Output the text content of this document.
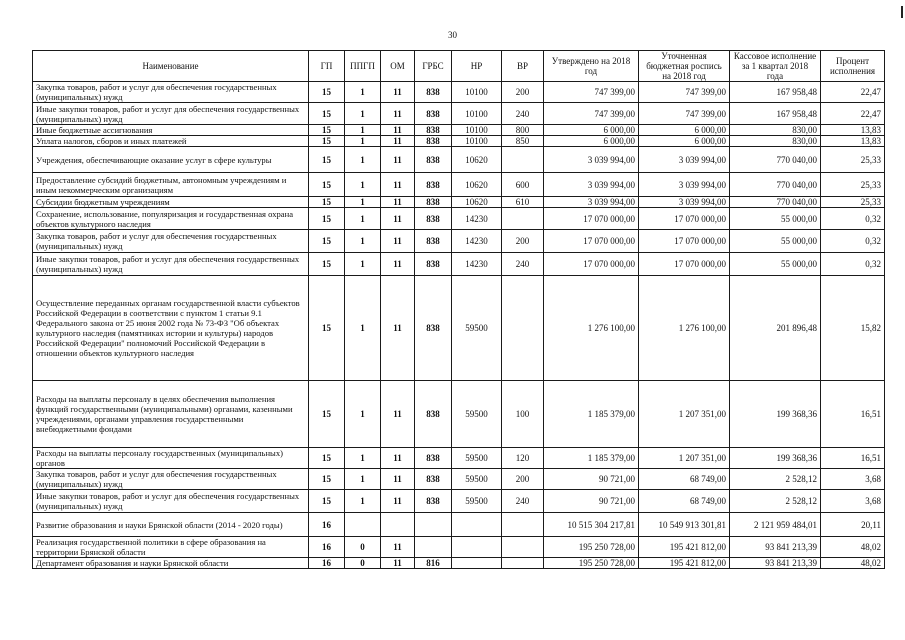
30
Наименование	ГП	ППГП	ОМ	ГРБС	НР	ВР	Утверждено на 2018 год	Уточненная бюджетная роспись на 2018 год	Кассовое исполнение за 1 квартал 2018 года	Процент исполнения
Закупка товаров, работ и услуг для обеспечения государственных (муниципальных) нужд	15	1	11	838	10100	200	747 399,00	747 399,00	167 958,48	22,47
Иные закупки товаров, работ и услуг для обеспечения государственных (муниципальных) нужд	15	1	11	838	10100	240	747 399,00	747 399,00	167 958,48	22,47
Иные бюджетные ассигнования	15	1	11	838	10100	800	6 000,00	6 000,00	830,00	13,83
Уплата налогов, сборов и иных платежей	15	1	11	838	10100	850	6 000,00	6 000,00	830,00	13,83
Учреждения, обеспечивающие оказание услуг в сфере культуры	15	1	11	838	10620		3 039 994,00	3 039 994,00	770 040,00	25,33
Предоставление субсидий бюджетным, автономным учреждениям и иным некоммерческим организациям	15	1	11	838	10620	600	3 039 994,00	3 039 994,00	770 040,00	25,33
Субсидии бюджетным учреждениям	15	1	11	838	10620	610	3 039 994,00	3 039 994,00	770 040,00	25,33
Сохранение, использование, популяризация и государственная охрана объектов культурного наследия	15	1	11	838	14230		17 070 000,00	17 070 000,00	55 000,00	0,32
Закупка товаров, работ и услуг для обеспечения государственных (муниципальных) нужд	15	1	11	838	14230	200	17 070 000,00	17 070 000,00	55 000,00	0,32
Иные закупки товаров, работ и услуг для обеспечения государственных (муниципальных) нужд	15	1	11	838	14230	240	17 070 000,00	17 070 000,00	55 000,00	0,32
Осуществление переданных органам государственной власти субъектов Российской Федерации в соответствии с пунктом 1 статьи 9.1 Федерального закона от 25 июня 2002 года № 73-ФЗ "Об объектах культурного наследия (памятниках истории и культуры) народов Российской Федерации" полномочий Российской Федерации в отношении объектов культурного наследия	15	1	11	838	59500		1 276 100,00	1 276 100,00	201 896,48	15,82
Расходы на выплаты персоналу в целях обеспечения выполнения функций государственными (муниципальными) органами, казенными учреждениями, органами управления государственными внебюджетными фондами	15	1	11	838	59500	100	1 185 379,00	1 207 351,00	199 368,36	16,51
Расходы на выплаты персоналу государственных (муниципальных) органов	15	1	11	838	59500	120	1 185 379,00	1 207 351,00	199 368,36	16,51
Закупка товаров, работ и услуг для обеспечения государственных (муниципальных) нужд	15	1	11	838	59500	200	90 721,00	68 749,00	2 528,12	3,68
Иные закупки товаров, работ и услуг для обеспечения государственных (муниципальных) нужд	15	1	11	838	59500	240	90 721,00	68 749,00	2 528,12	3,68
Развитие образования и науки Брянской области (2014 - 2020 годы)	16						10 515 304 217,81	10 549 913 301,81	2 121 959 484,01	20,11
Реализация государственной политики в сфере образования на территории Брянской области	16	0	11				195 250 728,00	195 421 812,00	93 841 213,39	48,02
Департамент образования и науки Брянской области	16	0	11	816			195 250 728,00	195 421 812,00	93 841 213,39	48,02
